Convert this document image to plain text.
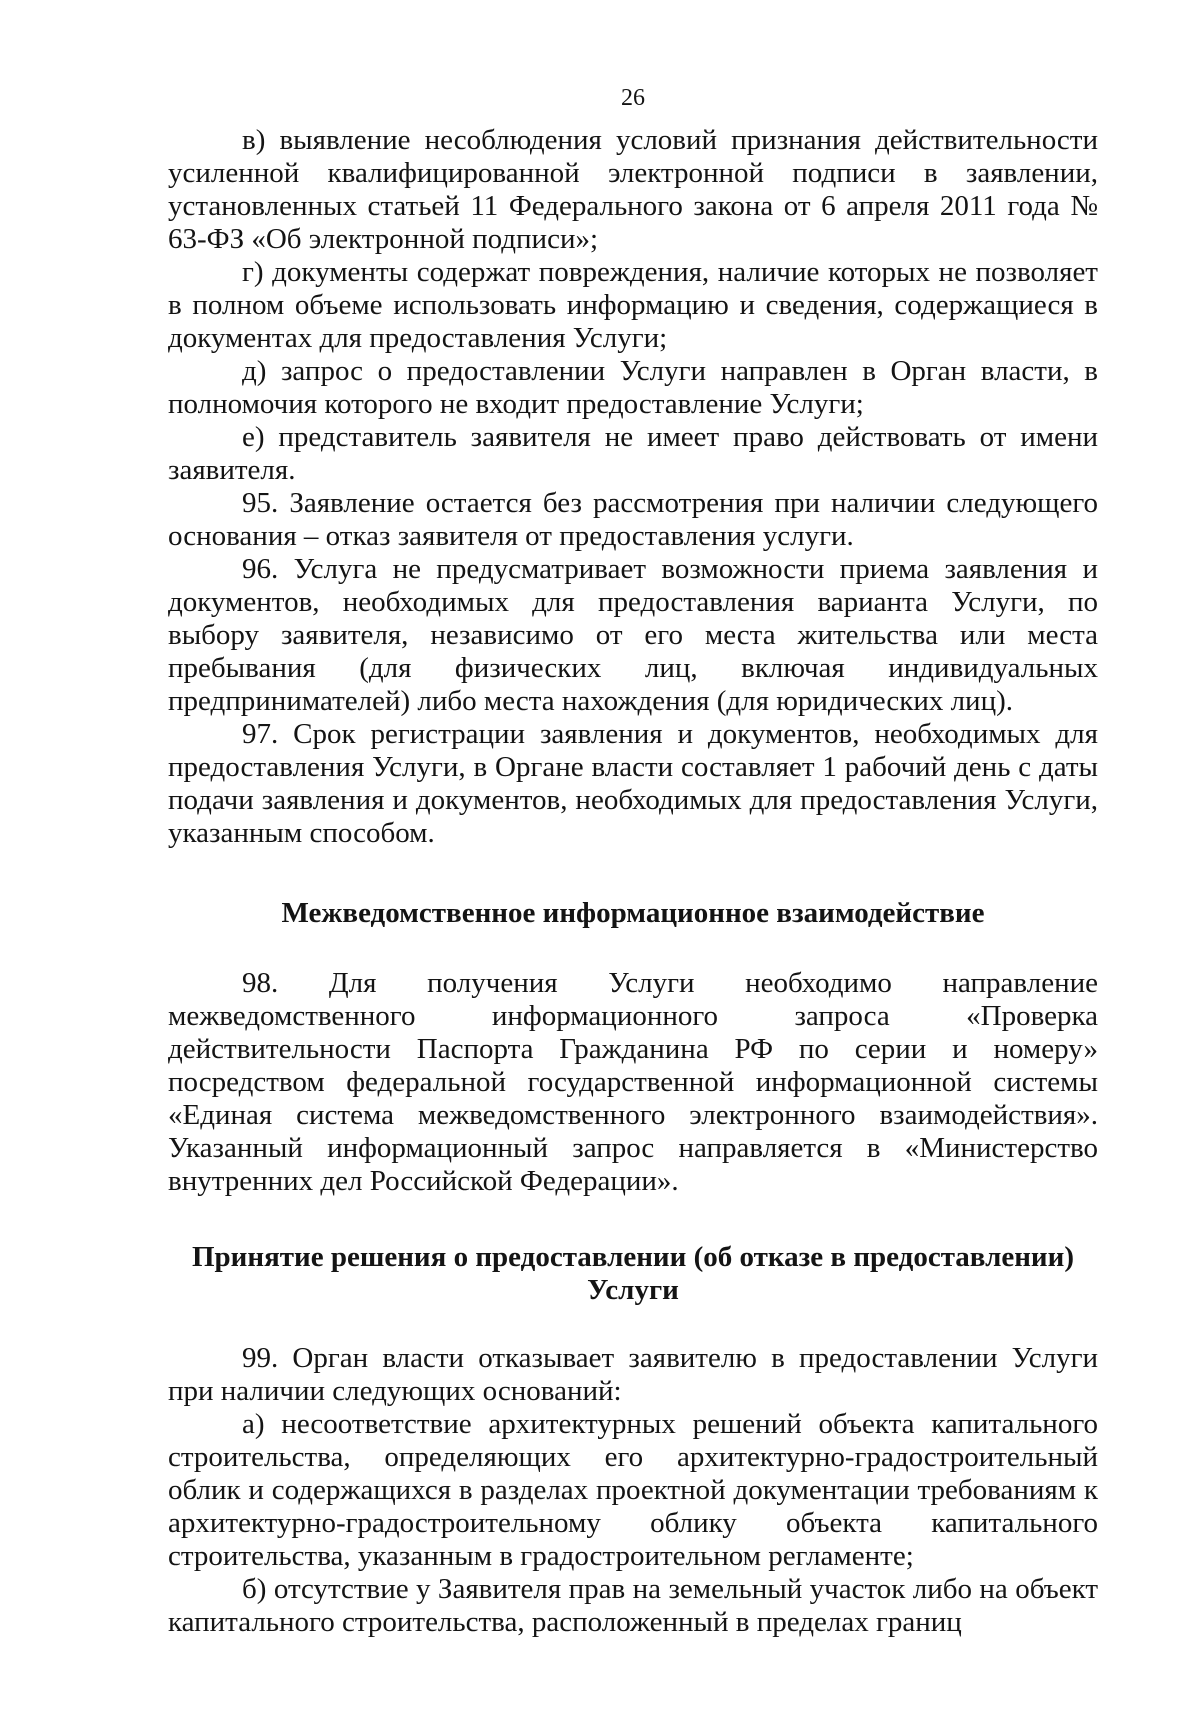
26

в) выявление несоблюдения условий признания действительности усиленной квалифицированной электронной подписи в заявлении, установленных статьей 11 Федерального закона от 6 апреля 2011 года № 63-ФЗ «Об электронной подписи»;

г) документы содержат повреждения, наличие которых не позволяет в полном объеме использовать информацию и сведения, содержащиеся в документах для предоставления Услуги;

д) запрос о предоставлении Услуги направлен в Орган власти, в полномочия которого не входит предоставление Услуги;

е) представитель заявителя не имеет право действовать от имени заявителя.

95. Заявление остается без рассмотрения при наличии следующего основания – отказ заявителя от предоставления услуги.

96. Услуга не предусматривает возможности приема заявления и документов, необходимых для предоставления варианта Услуги, по выбору заявителя, независимо от его места жительства или места пребывания (для физических лиц, включая индивидуальных предпринимателей) либо места нахождения (для юридических лиц).

97. Срок регистрации заявления и документов, необходимых для предоставления Услуги, в Органе власти составляет 1 рабочий день с даты подачи заявления и документов, необходимых для предоставления Услуги, указанным способом.

Межведомственное информационное взаимодействие

98. Для получения Услуги необходимо направление межведомственного информационного запроса «Проверка действительности Паспорта Гражданина РФ по серии и номеру» посредством федеральной государственной информационной системы «Единая система межведомственного электронного взаимодействия». Указанный информационный запрос направляется в «Министерство внутренних дел Российской Федерации».

Принятие решения о предоставлении (об отказе в предоставлении)
Услуги

99. Орган власти отказывает заявителю в предоставлении Услуги при наличии следующих оснований:

а) несоответствие архитектурных решений объекта капитального строительства, определяющих его архитектурно-градостроительный облик и содержащихся в разделах проектной документации требованиям к архитектурно-градостроительному облику объекта капитального строительства, указанным в градостроительном регламенте;

б) отсутствие у Заявителя прав на земельный участок либо на объект капитального строительства, расположенный в пределах границ
